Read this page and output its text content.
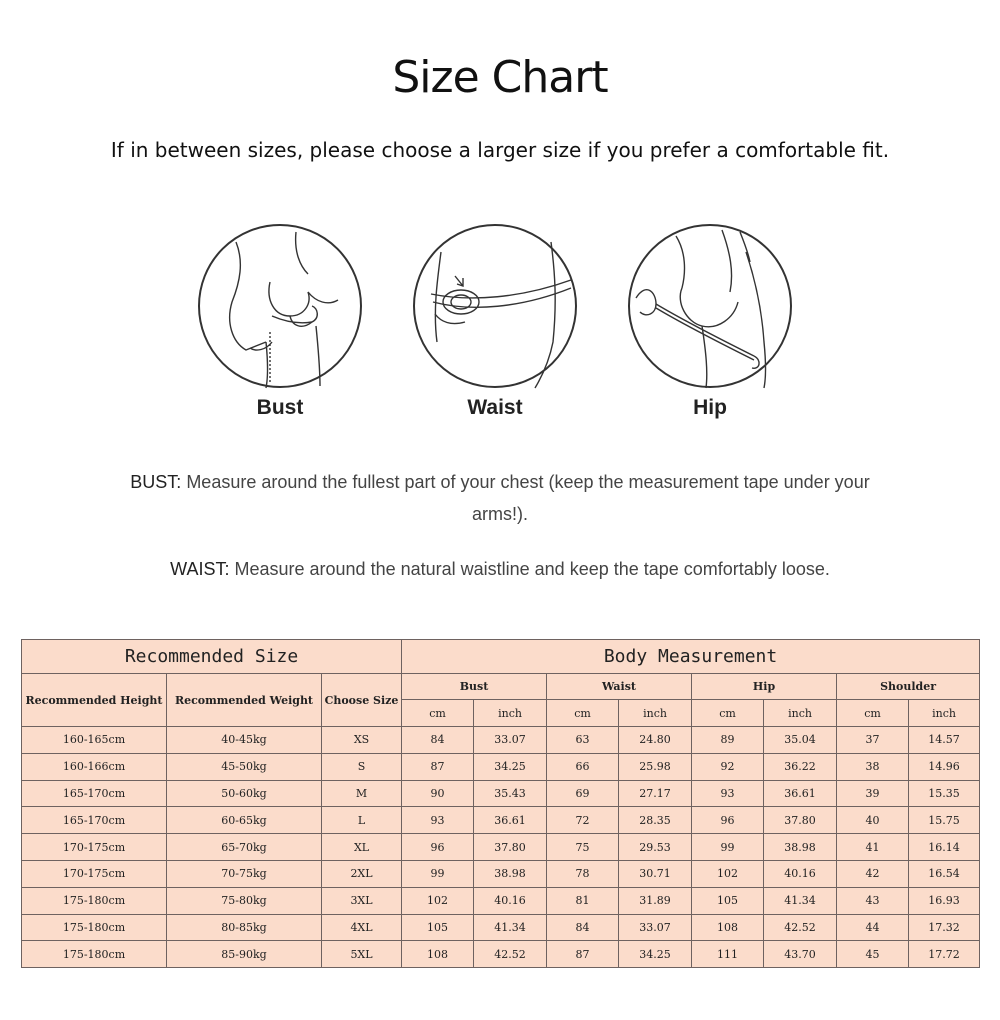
Size Chart

If in between sizes, please choose a larger size if you prefer a comfortable fit.

Bust	Waist	Hip

BUST: Measure around the fullest part of your chest (keep the measurement tape under your arms!).

WAIST: Measure around the natural waistline and keep the tape comfortably loose.

Recommended Size			Body Measurement							
Recommended Height	Recommended Weight	Choose Size	Bust		Waist		Hip		Shoulder	
			cm	inch	cm	inch	cm	inch	cm	inch
160-165cm	40-45kg	XS	84	33.07	63	24.80	89	35.04	37	14.57
160-166cm	45-50kg	S	87	34.25	66	25.98	92	36.22	38	14.96
165-170cm	50-60kg	M	90	35.43	69	27.17	93	36.61	39	15.35
165-170cm	60-65kg	L	93	36.61	72	28.35	96	37.80	40	15.75
170-175cm	65-70kg	XL	96	37.80	75	29.53	99	38.98	41	16.14
170-175cm	70-75kg	2XL	99	38.98	78	30.71	102	40.16	42	16.54
175-180cm	75-80kg	3XL	102	40.16	81	31.89	105	41.34	43	16.93
175-180cm	80-85kg	4XL	105	41.34	84	33.07	108	42.52	44	17.32
175-180cm	85-90kg	5XL	108	42.52	87	34.25	111	43.70	45	17.72
